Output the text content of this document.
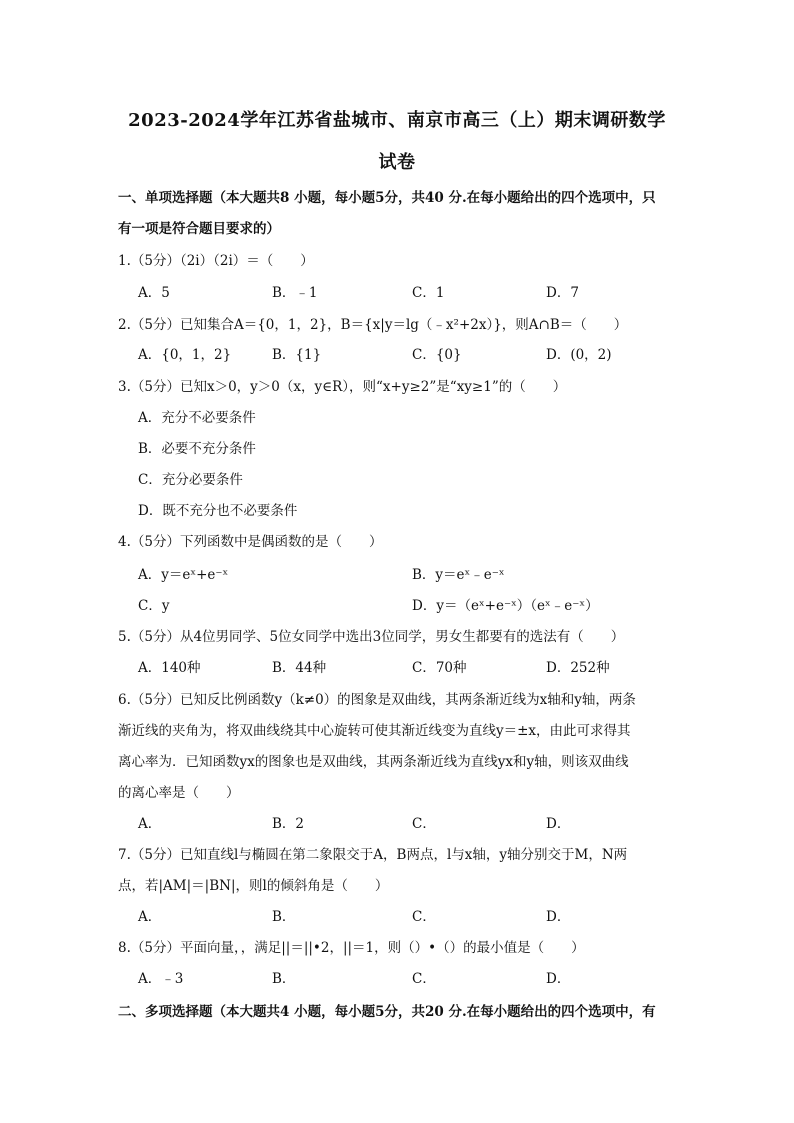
2023-2024学年江苏省盐城市、南京市高三（上）期末调研数学
试卷
一、单项选择题（本大题共8 小题，每小题5分，共40 分.在每小题给出的四个选项中，只
有一项是符合题目要求的）
1.（5分）（2i）（2i）＝（　　）
A．5	B．﹣1	C．1	D．7
2.（5分）已知集合A＝{0，1，2}，B＝{x|y＝lg（﹣x²+2x）}，则A∩B＝（　　）
A．{0，1，2}	B．{1}	C．{0}	D．(0，2)
3.（5分）已知x＞0，y＞0（x，y∈R），则“x+y≥2”是“xy≥1”的（　　）
A．充分不必要条件
B．必要不充分条件
C．充分必要条件
D．既不充分也不必要条件
4.（5分）下列函数中是偶函数的是（　　）
A．y＝eˣ+e⁻ˣ	B．y＝eˣ﹣e⁻ˣ
C．y	D．y＝（eˣ+e⁻ˣ）（eˣ﹣e⁻ˣ）
5.（5分）从4位男同学、5位女同学中选出3位同学，男女生都要有的选法有（　　）
A．140种	B．44种	C．70种	D．252种
6.（5分）已知反比例函数y（k≠0）的图象是双曲线，其两条渐近线为x轴和y轴，两条
渐近线的夹角为，将双曲线绕其中心旋转可使其渐近线变为直线y＝±x，由此可求得其
离心率为．已知函数yx的图象也是双曲线，其两条渐近线为直线yx和y轴，则该双曲线
的离心率是（　　）
A．	B．2	C．	D．
7.（5分）已知直线l与椭圆在第二象限交于A，B两点，l与x轴，y轴分别交于M，N两
点，若|AM|＝|BN|，则l的倾斜角是（　　）
A．	B．	C．	D．
8.（5分）平面向量，，满足||＝||•2，||＝1，则（）•（）的最小值是（　　）
A．﹣3	B．	C．	D．
二、多项选择题（本大题共4 小题，每小题5分，共20 分.在每小题给出的四个选项中，有
